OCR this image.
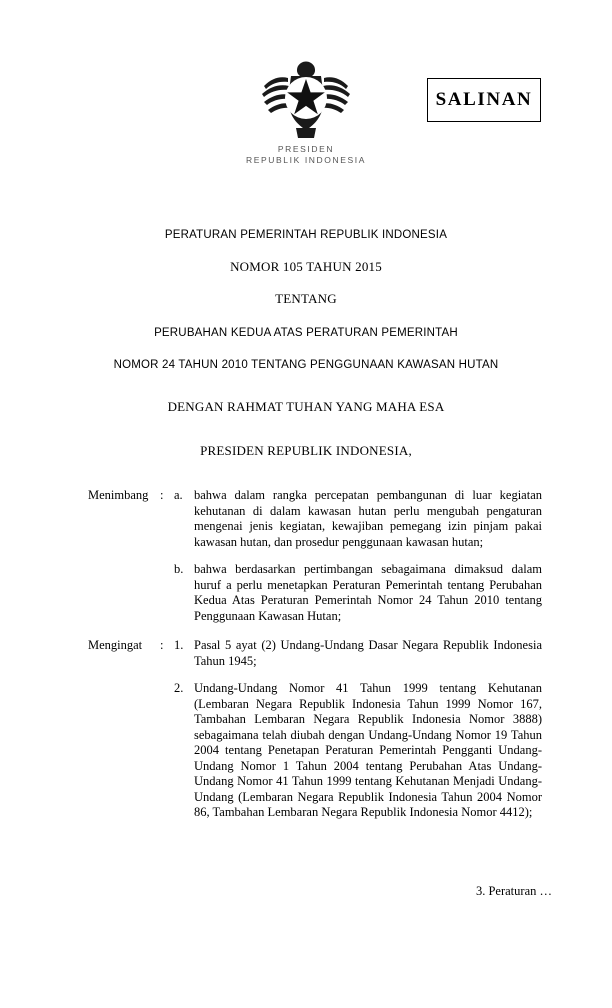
PRESIDEN
REPUBLIK INDONESIA
SALINAN
PERATURAN PEMERINTAH REPUBLIK INDONESIA
NOMOR 105 TAHUN 2015
TENTANG
PERUBAHAN KEDUA ATAS PERATURAN PEMERINTAH
NOMOR 24 TAHUN 2010 TENTANG PENGGUNAAN KAWASAN HUTAN
DENGAN RAHMAT TUHAN YANG MAHA ESA
PRESIDEN REPUBLIK INDONESIA,
Menimbang : a. bahwa dalam rangka percepatan pembangunan di luar kegiatan kehutanan di dalam kawasan hutan perlu mengubah pengaturan mengenai jenis kegiatan, kewajiban pemegang izin pinjam pakai kawasan hutan, dan prosedur penggunaan kawasan hutan;
b. bahwa berdasarkan pertimbangan sebagaimana dimaksud dalam huruf a perlu menetapkan Peraturan Pemerintah tentang Perubahan Kedua Atas Peraturan Pemerintah Nomor 24 Tahun 2010 tentang Penggunaan Kawasan Hutan;
Mengingat	: 1. Pasal 5 ayat (2) Undang-Undang Dasar Negara Republik Indonesia Tahun 1945;
2. Undang-Undang Nomor 41 Tahun 1999 tentang Kehutanan (Lembaran Negara Republik Indonesia Tahun 1999 Nomor 167, Tambahan Lembaran Negara Republik Indonesia Nomor 3888) sebagaimana telah diubah dengan Undang-Undang Nomor 19 Tahun 2004 tentang Penetapan Peraturan Pemerintah Pengganti Undang-Undang Nomor 1 Tahun 2004 tentang Perubahan Atas Undang-Undang Nomor 41 Tahun 1999 tentang Kehutanan Menjadi Undang-Undang (Lembaran Negara Republik Indonesia Tahun 2004 Nomor 86, Tambahan Lembaran Negara Republik Indonesia Nomor 4412);
3. Peraturan …
